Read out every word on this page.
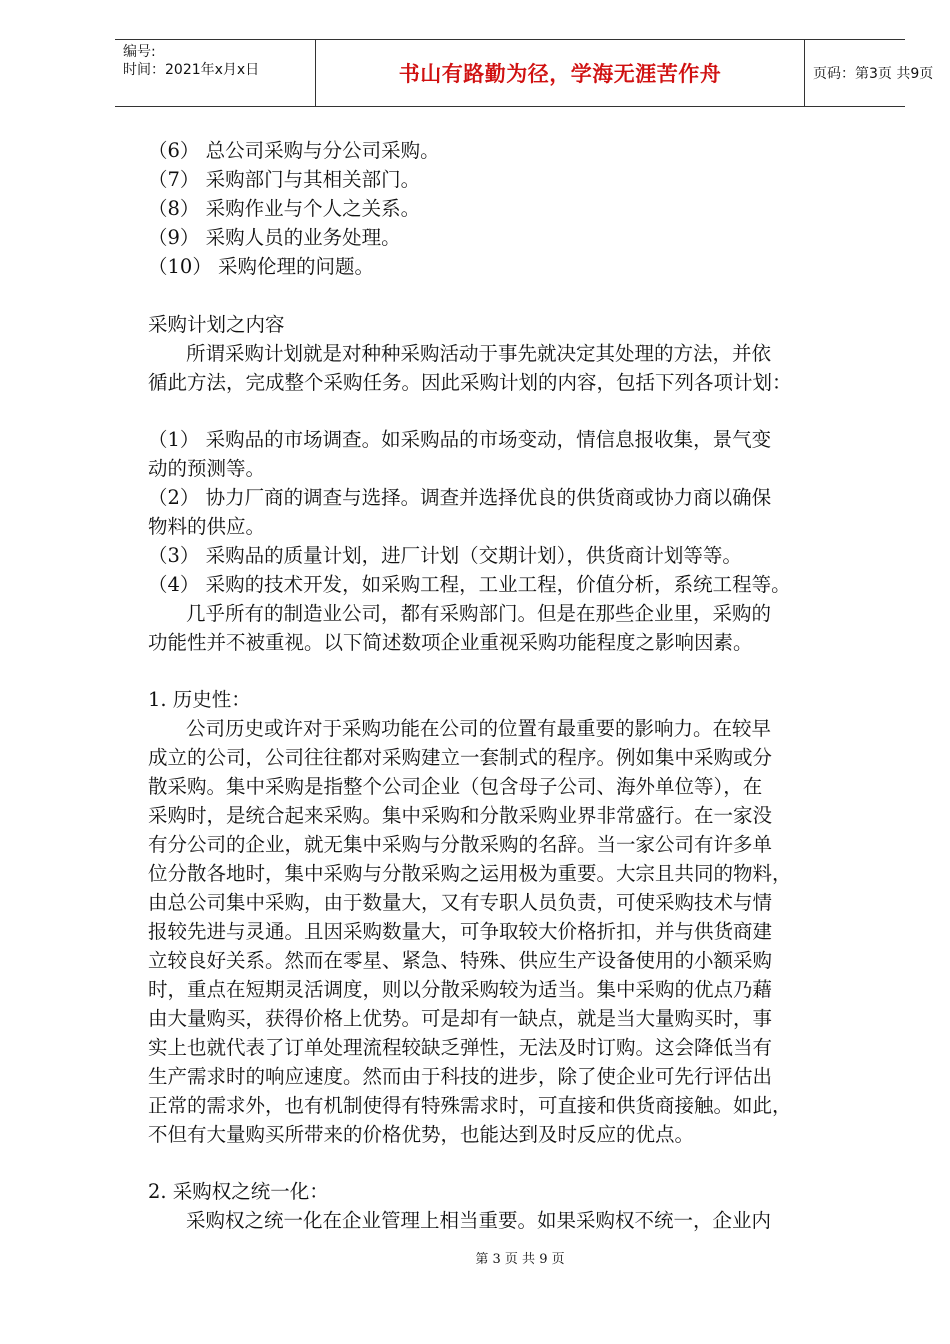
编号:
时间：2021年x月x日	书山有路勤为径，学海无涯苦作舟	页码：第3页 共9页
（6） 总公司采购与分公司采购。
（7） 采购部门与其相关部门。
（8） 采购作业与个人之关系。
（9） 采购人员的业务处理。
（10） 采购伦理的问题。
采购计划之内容
所谓采购计划就是对种种采购活动于事先就决定其处理的方法，并依
循此方法，完成整个采购任务。因此采购计划的内容，包括下列各项计划：
（1） 采购品的市场调查。如采购品的市场变动，情信息报收集，景气变
动的预测等。
（2） 协力厂商的调查与选择。调查并选择优良的供货商或协力商以确保
物料的供应。
（3） 采购品的质量计划，进厂计划（交期计划），供货商计划等等。
（4） 采购的技术开发，如采购工程，工业工程，价值分析，系统工程等。
几乎所有的制造业公司，都有采购部门。但是在那些企业里，采购的
功能性并不被重视。以下简述数项企业重视采购功能程度之影响因素。
1. 历史性：
公司历史或许对于采购功能在公司的位置有最重要的影响力。在较早
成立的公司，公司往往都对采购建立一套制式的程序。例如集中采购或分
散采购。集中采购是指整个公司企业（包含母子公司、海外单位等），在
采购时，是统合起来采购。集中采购和分散采购业界非常盛行。在一家没
有分公司的企业，就无集中采购与分散采购的名辞。当一家公司有许多单
位分散各地时，集中采购与分散采购之运用极为重要。大宗且共同的物料，
由总公司集中采购，由于数量大，又有专职人员负责，可使采购技术与情
报较先进与灵通。且因采购数量大，可争取较大价格折扣，并与供货商建
立较良好关系。然而在零星、紧急、特殊、供应生产设备使用的小额采购
时，重点在短期灵活调度，则以分散采购较为适当。集中采购的优点乃藉
由大量购买，获得价格上优势。可是却有一缺点，就是当大量购买时，事
实上也就代表了订单处理流程较缺乏弹性，无法及时订购。这会降低当有
生产需求时的响应速度。然而由于科技的进步，除了使企业可先行评估出
正常的需求外，也有机制使得有特殊需求时，可直接和供货商接触。如此，
不但有大量购买所带来的价格优势，也能达到及时反应的优点。
2. 采购权之统一化：
采购权之统一化在企业管理上相当重要。如果采购权不统一，企业内
第 3 页 共 9 页
